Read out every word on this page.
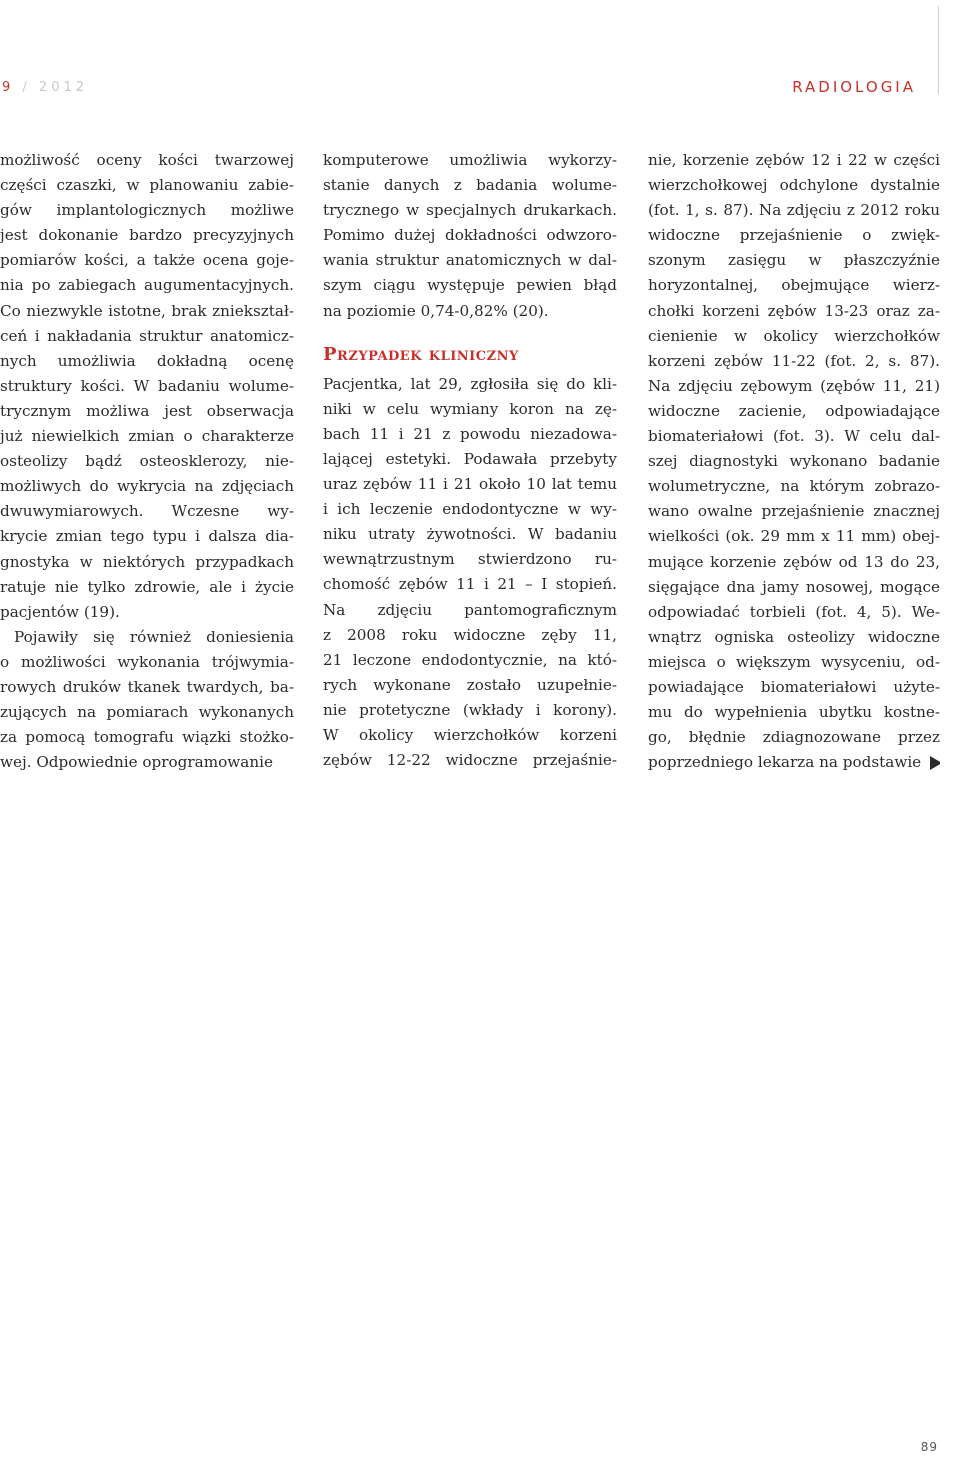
9 / 2012	RADIOLOGIA
możliwość oceny kości twarzowej
części czaszki, w planowaniu zabie-
gów implantologicznych możliwe
jest dokonanie bardzo precyzyjnych
pomiarów kości, a także ocena goje-
nia po zabiegach augumentacyjnych.
Co niezwykle istotne, brak zniekształ-
ceń i nakładania struktur anatomicz-
nych umożliwia dokładną ocenę
struktury kości. W badaniu wolume-
trycznym możliwa jest obserwacja
już niewielkich zmian o charakterze
osteolizy bądź osteosklerozy, nie-
możliwych do wykrycia na zdjęciach
dwuwymiarowych. Wczesne wy-
krycie zmian tego typu i dalsza dia-
gnostyka w niektórych przypadkach
ratuje nie tylko zdrowie, ale i życie
pacjentów (19).
Pojawiły się również doniesienia
o możliwości wykonania trójwymia-
rowych druków tkanek twardych, ba-
zujących na pomiarach wykonanych
za pomocą tomografu wiązki stożko-
wej. Odpowiednie oprogramowanie
komputerowe umożliwia wykorzy-
stanie danych z badania wolume-
trycznego w specjalnych drukarkach.
Pomimo dużej dokładności odwzoro-
wania struktur anatomicznych w dal-
szym ciągu występuje pewien błąd
na poziomie 0,74-0,82% (20).
Przypadek kliniczny
Pacjentka, lat 29, zgłosiła się do kli-
niki w celu wymiany koron na zę-
bach 11 i 21 z powodu niezadowa-
lającej estetyki. Podawała przebyty
uraz zębów 11 i 21 około 10 lat temu
i ich leczenie endodontyczne w wy-
niku utraty żywotności. W badaniu
wewnątrzustnym stwierdzono ru-
chomość zębów 11 i 21 – I stopień.
Na zdjęciu pantomograficznym
z 2008 roku widoczne zęby 11,
21 leczone endodontycznie, na któ-
rych wykonane zostało uzupełnie-
nie protetyczne (wkłady i korony).
W okolicy wierzchołków korzeni
zębów 12-22 widoczne przejaśnie-
nie, korzenie zębów 12 i 22 w części
wierzchołkowej odchylone dystalnie
(fot. 1, s. 87). Na zdjęciu z 2012 roku
widoczne przejaśnienie o zwięk-
szonym zasięgu w płaszczyźnie
horyzontalnej, obejmujące wierz-
chołki korzeni zębów 13-23 oraz za-
cienienie w okolicy wierzchołków
korzeni zębów 11-22 (fot. 2, s. 87).
Na zdjęciu zębowym (zębów 11, 21)
widoczne zacienie, odpowiadające
biomateriałowi (fot. 3). W celu dal-
szej diagnostyki wykonano badanie
wolumetryczne, na którym zobrazo-
wano owalne przejaśnienie znacznej
wielkości (ok. 29 mm x 11 mm) obej-
mujące korzenie zębów od 13 do 23,
sięgające dna jamy nosowej, mogące
odpowiadać torbieli (fot. 4, 5). We-
wnątrz ogniska osteolizy widoczne
miejsca o większym wysyceniu, od-
powiadające biomateriałowi użyte-
mu do wypełnienia ubytku kostne-
go, błędnie zdiagnozowane przez
poprzedniego lekarza na podstawie
89
